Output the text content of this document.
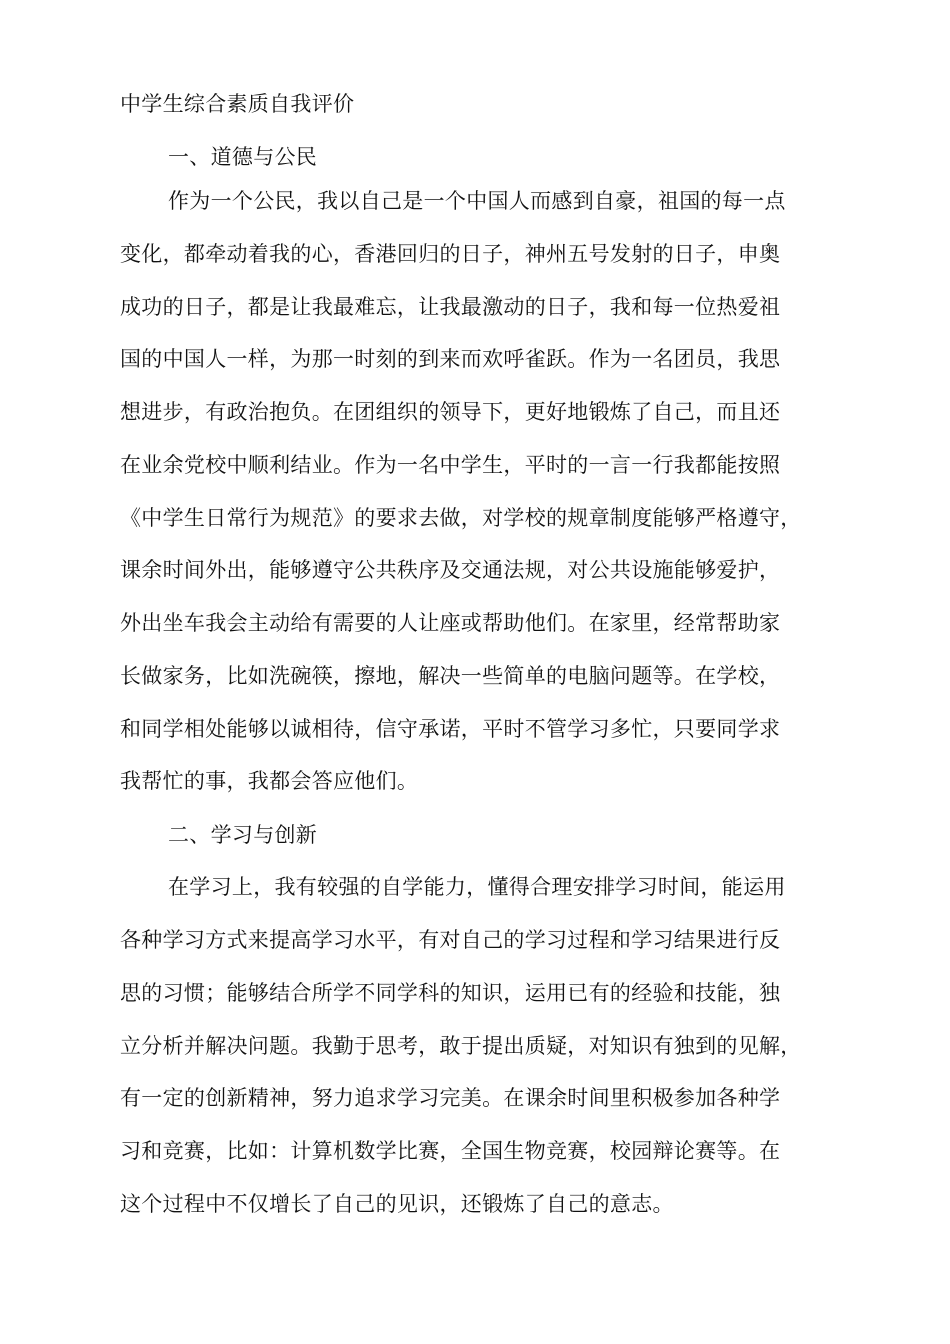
中学生综合素质自我评价
一、道德与公民
作为一个公民，我以自己是一个中国人而感到自豪，祖国的每一点
变化，都牵动着我的心，香港回归的日子，神州五号发射的日子，申奥
成功的日子，都是让我最难忘，让我最激动的日子，我和每一位热爱祖
国的中国人一样，为那一时刻的到来而欢呼雀跃。作为一名团员，我思
想进步，有政治抱负。在团组织的领导下，更好地锻炼了自己，而且还
在业余党校中顺利结业。作为一名中学生，平时的一言一行我都能按照
《中学生日常行为规范》的要求去做，对学校的规章制度能够严格遵守，
课余时间外出，能够遵守公共秩序及交通法规，对公共设施能够爱护，
外出坐车我会主动给有需要的人让座或帮助他们。在家里，经常帮助家
长做家务，比如洗碗筷，擦地，解决一些简单的电脑问题等。在学校，
和同学相处能够以诚相待，信守承诺，平时不管学习多忙，只要同学求
我帮忙的事，我都会答应他们。
二、学习与创新
在学习上，我有较强的自学能力，懂得合理安排学习时间，能运用
各种学习方式来提高学习水平，有对自己的学习过程和学习结果进行反
思的习惯；能够结合所学不同学科的知识，运用已有的经验和技能，独
立分析并解决问题。我勤于思考，敢于提出质疑，对知识有独到的见解，
有一定的创新精神，努力追求学习完美。在课余时间里积极参加各种学
习和竞赛，比如：计算机数学比赛，全国生物竞赛，校园辩论赛等。在
这个过程中不仅增长了自己的见识，还锻炼了自己的意志。
